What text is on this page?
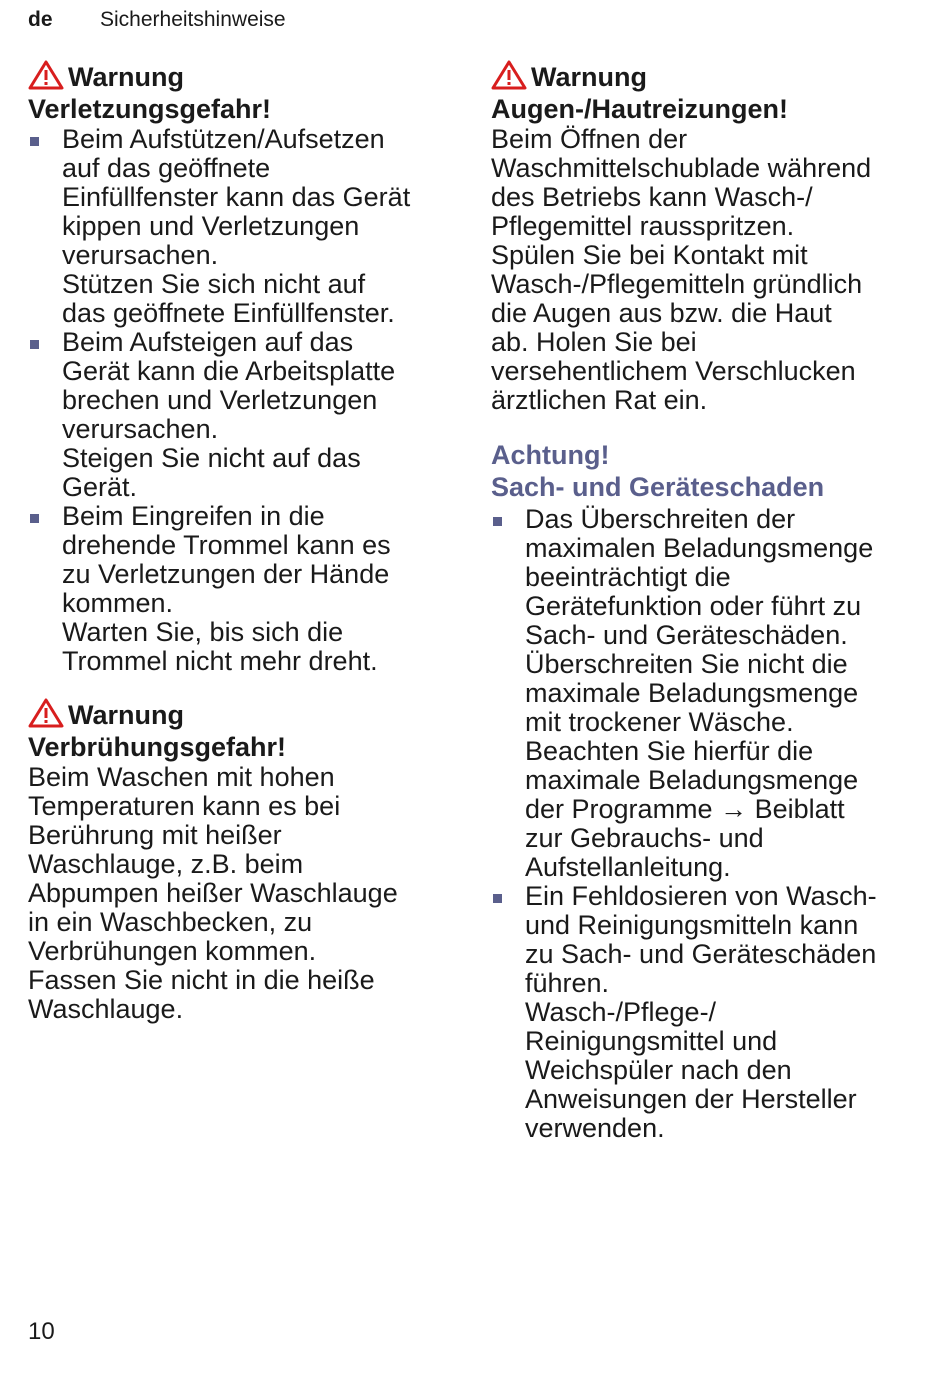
de Sicherheitshinweise
Warnung
Verletzungsgefahr!
Beim Aufstützen/Aufsetzen
auf das geöffnete
Einfüllfenster kann das Gerät
kippen und Verletzungen
verursachen.
Stützen Sie sich nicht auf
das geöffnete Einfüllfenster.
Beim Aufsteigen auf das
Gerät kann die Arbeitsplatte
brechen und Verletzungen
verursachen.
Steigen Sie nicht auf das
Gerät.
Beim Eingreifen in die
drehende Trommel kann es
zu Verletzungen der Hände
kommen.
Warten Sie, bis sich die
Trommel nicht mehr dreht.
Warnung
Verbrühungsgefahr!
Beim Waschen mit hohen
Temperaturen kann es bei
Berührung mit heißer
Waschlauge, z.B. beim
Abpumpen heißer Waschlauge
in ein Waschbecken, zu
Verbrühungen kommen.
Fassen Sie nicht in die heiße
Waschlauge.
Warnung
Augen-/Hautreizungen!
Beim Öffnen der
Waschmittelschublade während
des Betriebs kann Wasch-/
Pflegemittel rausspritzen.
Spülen Sie bei Kontakt mit
Wasch-/Pflegemitteln gründlich
die Augen aus bzw. die Haut
ab. Holen Sie bei
versehentlichem Verschlucken
ärztlichen Rat ein.
Achtung!
Sach- und Geräteschaden
Das Überschreiten der
maximalen Beladungsmenge
beeinträchtigt die
Gerätefunktion oder führt zu
Sach- und Geräteschäden.
Überschreiten Sie nicht die
maximale Beladungsmenge
mit trockener Wäsche.
Beachten Sie hierfür die
maximale Beladungsmenge
der Programme → Beiblatt
zur Gebrauchs- und
Aufstellanleitung.
Ein Fehldosieren von Wasch-
und Reinigungsmitteln kann
zu Sach- und Geräteschäden
führen.
Wasch-/Pflege-/
Reinigungsmittel und
Weichspüler nach den
Anweisungen der Hersteller
verwenden.
10
